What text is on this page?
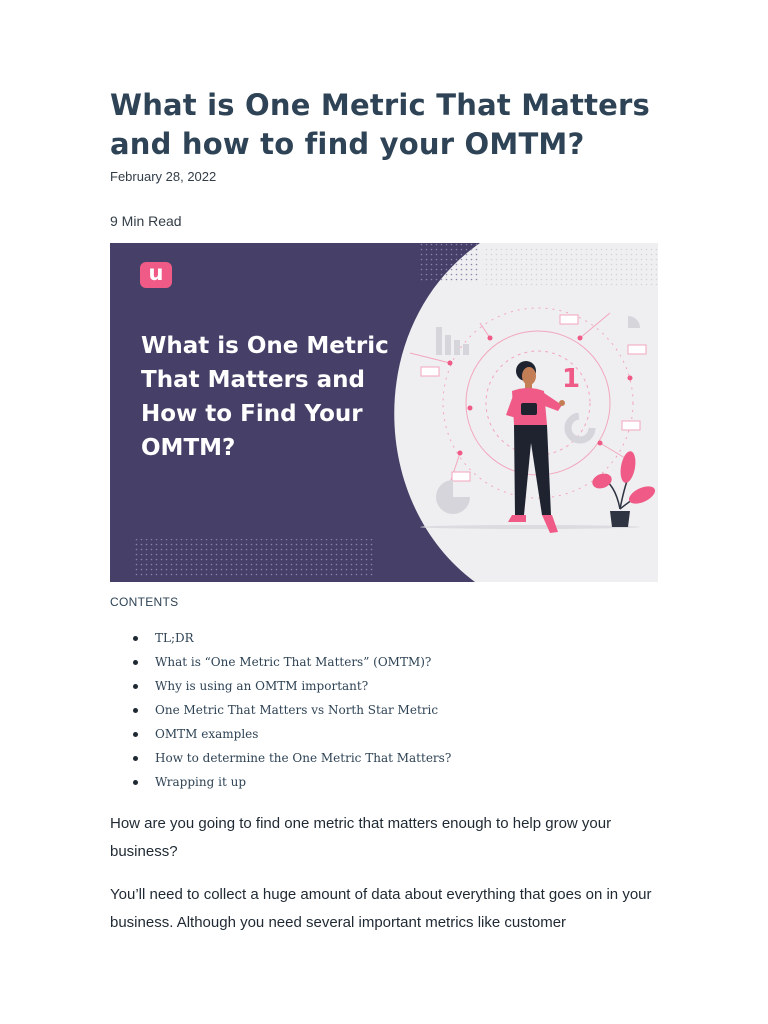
What is One Metric That Matters and how to find your OMTM?
February 28, 2022
9 Min Read
1
u
What is One Metric That Matters and How to Find Your OMTM?
CONTENTS
TL;DR
What is “One Metric That Matters” (OMTM)?
Why is using an OMTM important?
One Metric That Matters vs North Star Metric
OMTM examples
How to determine the One Metric That Matters?
Wrapping it up

How are you going to find one metric that matters enough to help grow your business?

You’ll need to collect a huge amount of data about everything that goes on in your business. Although you need several important metrics like customer
